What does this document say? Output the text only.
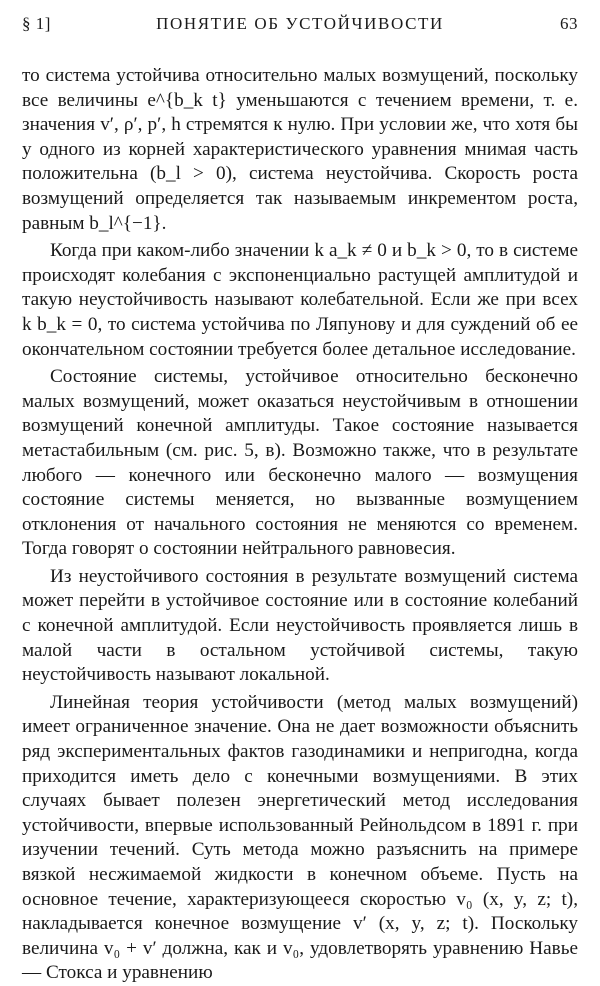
§ 1]	ПОНЯТИЕ ОБ УСТОЙЧИВОСТИ	63

то система устойчива относительно малых возмущений, поскольку все величины e^{b_k t} уменьшаются с течением времени, т. е. значения v′, ρ′, p′, h стремятся к нулю. При условии же, что хотя бы у одного из корней характеристического уравнения мнимая часть положительна (b_l > 0), система неустойчива. Скорость роста возмущений определяется так называемым инкрементом роста, равным b_l^{−1}.

Когда при каком-либо значении k a_k ≠ 0 и b_k > 0, то в системе происходят колебания с экспоненциально растущей амплитудой и такую неустойчивость называют колебательной. Если же при всех k b_k = 0, то система устойчива по Ляпунову и для суждений об ее окончательном состоянии требуется более детальное исследование.

Состояние системы, устойчивое относительно бесконечно малых возмущений, может оказаться неустойчивым в отношении возмущений конечной амплитуды. Такое состояние называется метастабильным (см. рис. 5, в). Возможно также, что в результате любого — конечного или бесконечно малого — возмущения состояние системы меняется, но вызванные возмущением отклонения от начального состояния не меняются со временем. Тогда говорят о состоянии нейтрального равновесия.

Из неустойчивого состояния в результате возмущений система может перейти в устойчивое состояние или в состояние колебаний с конечной амплитудой. Если неустойчивость проявляется лишь в малой части в остальном устойчивой системы, такую неустойчивость называют локальной.

Линейная теория устойчивости (метод малых возмущений) имеет ограниченное значение. Она не дает возможности объяснить ряд экспериментальных фактов газодинамики и непригодна, когда приходится иметь дело с конечными возмущениями. В этих случаях бывает полезен энергетический метод исследования устойчивости, впервые использованный Рейнольдсом в 1891 г. при изучении течений. Суть метода можно разъяснить на примере вязкой несжимаемой жидкости в конечном объеме. Пусть на основное течение, характеризующееся скоростью v₀ (x, y, z; t), накладывается конечное возмущение v′ (x, y, z; t). Поскольку величина v₀ + v′ должна, как и v₀, удовлетворять уравнению Навье — Стокса и уравнению
